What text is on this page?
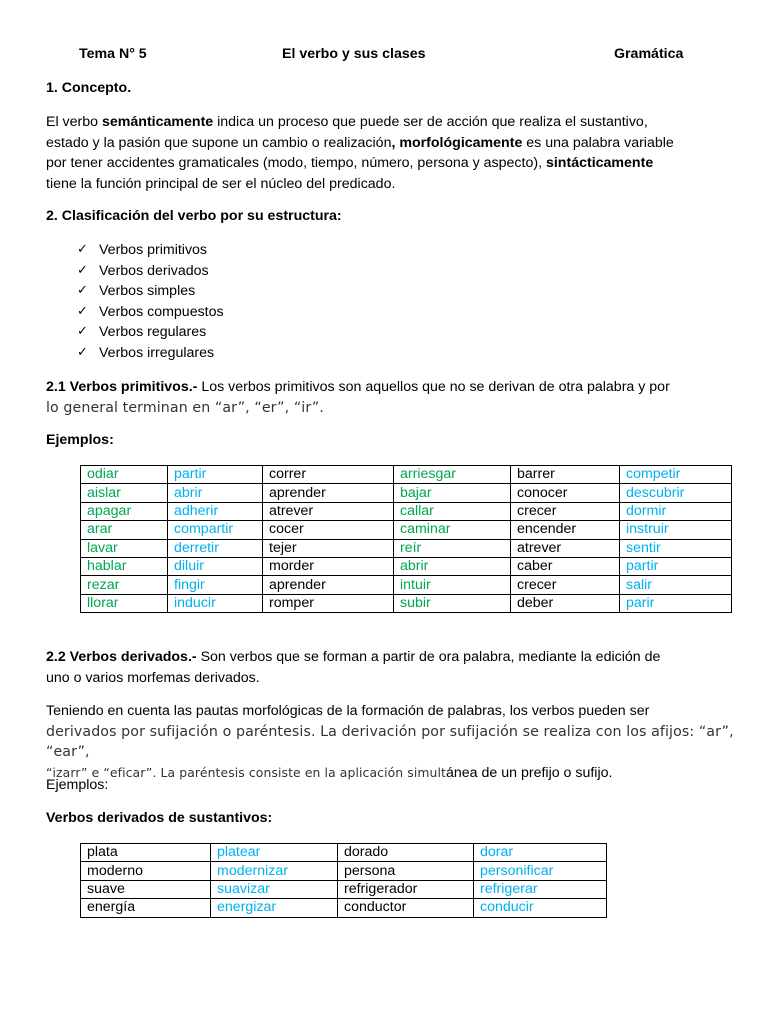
Tema N° 5	El verbo y sus clases	Gramática
1. Concepto.

El verbo semánticamente indica un proceso que puede ser de acción que realiza el sustantivo,

estado y la pasión que supone un cambio o realización, morfológicamente es una palabra variable

por tener accidentes gramaticales (modo, tiempo, número, persona y aspecto), sintácticamente

tiene la función principal de ser el núcleo del predicado.

2. Clasificación del verbo por su estructura:
✓ Verbos primitivos
✓ Verbos derivados
✓ Verbos simples
✓ Verbos compuestos
✓ Verbos regulares
✓ Verbos irregulares

2.1 Verbos primitivos.- Los verbos primitivos son aquellos que no se derivan de otra palabra y por

lo general terminan en “ar”, “er”, “ir”.

Ejemplos:
odiar	partir	correr	arriesgar	barrer	competir
aislar	abrir	aprender	bajar	conocer	descubrir
apagar	adherir	atrever	callar	crecer	dormir
arar	compartir	cocer	caminar	encender	instruir
lavar	derretir	tejer	reír	atrever	sentir
hablar	diluir	morder	abrir	caber	partir
rezar	fingir	aprender	intuir	crecer	salir
llorar	inducir	romper	subir	deber	parir

2.2 Verbos derivados.- Son verbos que se forman a partir de ora palabra, mediante la edición de

uno o varios morfemas derivados.

Teniendo en cuenta las pautas morfológicas de la formación de palabras, los verbos pueden ser

derivados por sufijación o paréntesis. La derivación por sufijación se realiza con los afijos: “ar”, “ear”,

“izarr” e “eficar”. La paréntesis consiste en la aplicación simultánea de un prefijo o sufijo.

Ejemplos:
Verbos derivados de sustantivos:
plata	platear	dorado	dorar
moderno	modernizar	persona	personificar
suave	suavizar	refrigerador	refrigerar
energía	energizar	conductor	conducir
